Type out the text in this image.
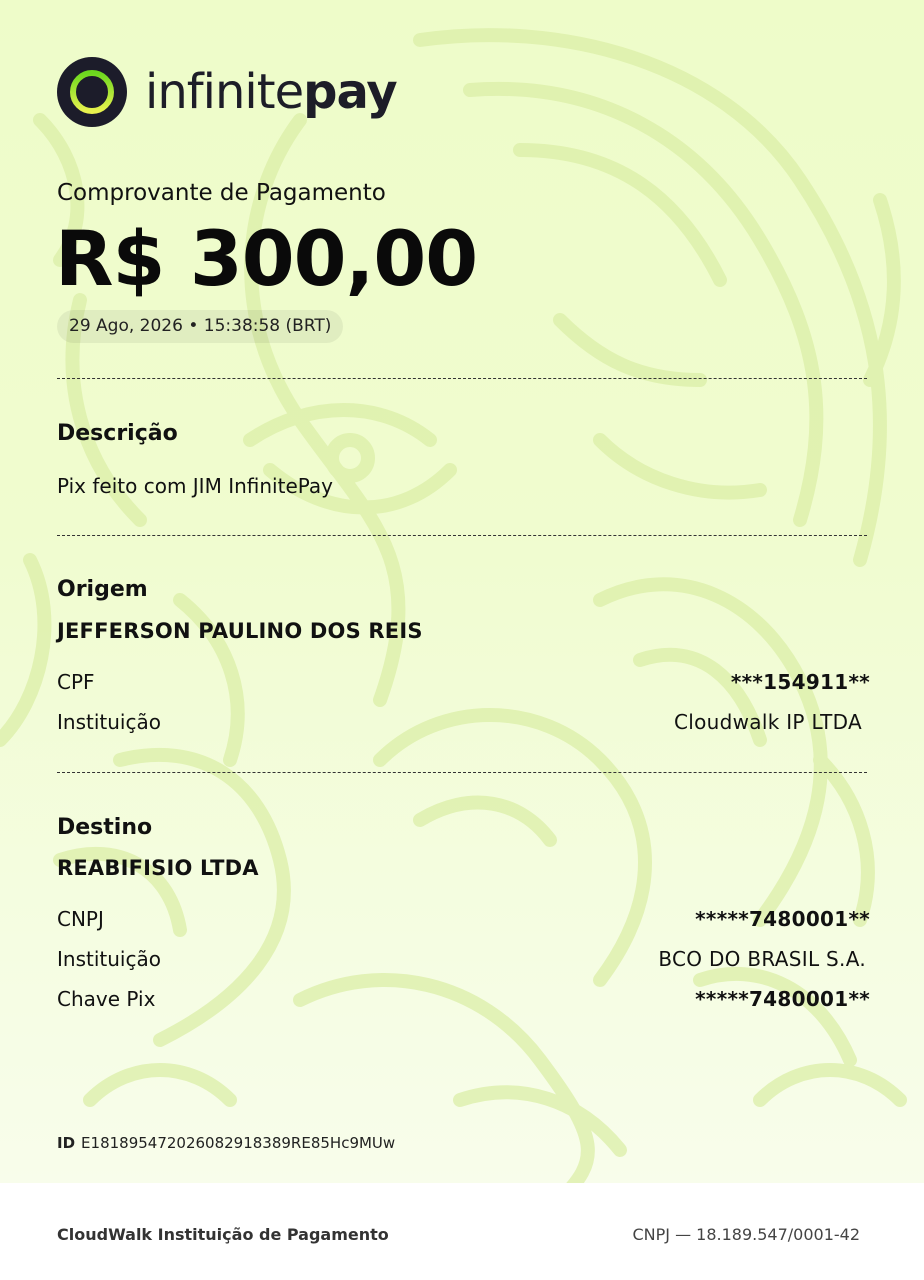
infinitepay
Comprovante de Pagamento
R$ 300,00
29 Ago, 2026 • 15:38:58 (BRT)
Descrição
Pix feito com JIM InfinitePay
Origem
JEFFERSON PAULINO DOS REIS
CPF	***154911**
Instituição	Cloudwalk IP LTDA
Destino
REABIFISIO LTDA
CNPJ	*****7480001**
Instituição	BCO DO BRASIL S.A.
Chave Pix	*****7480001**
ID E18189547202608291838​9RE85Hc9MUw
CloudWalk Instituição de Pagamento	CNPJ — 18.189.547/0001-42
